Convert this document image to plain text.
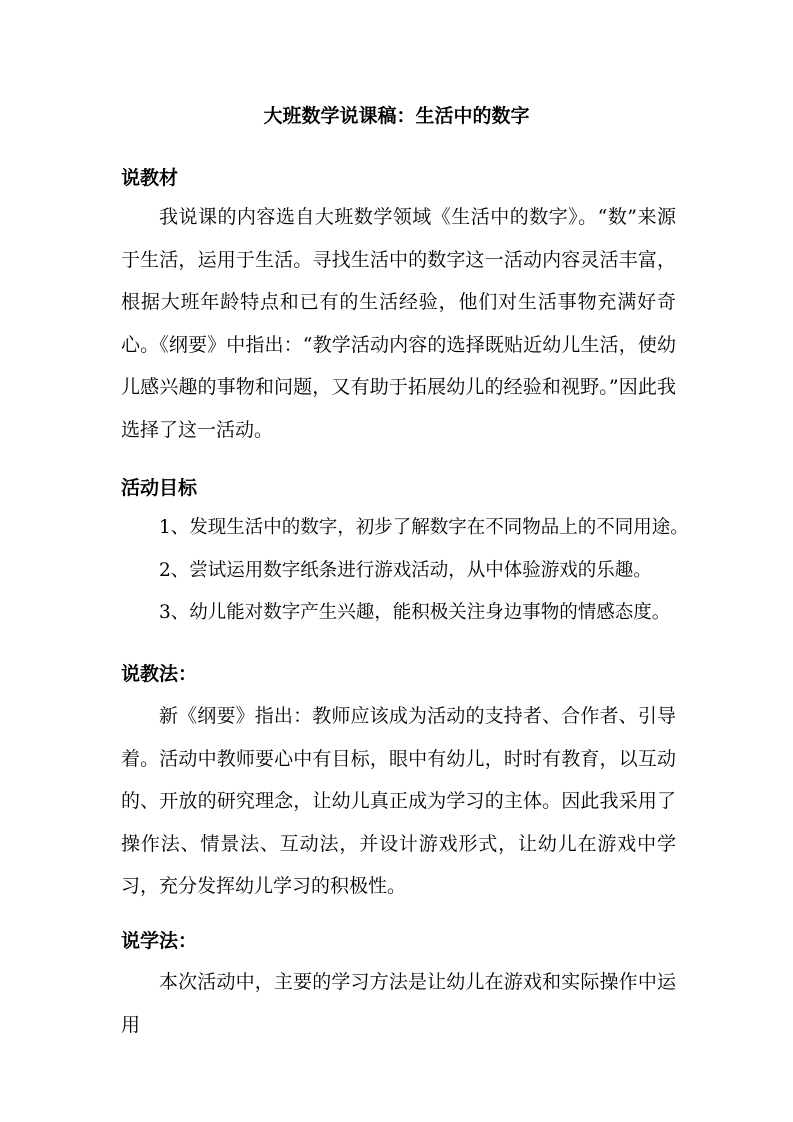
大班数学说课稿：生活中的数字
说教材

我说课的内容选自大班数学领域《生活中的数字》。“数”来源于生活，运用于生活。寻找生活中的数字这一活动内容灵活丰富，根据大班年龄特点和已有的生活经验，他们对生活事物充满好奇心。《纲要》中指出：“教学活动内容的选择既贴近幼儿生活，使幼儿感兴趣的事物和问题，又有助于拓展幼儿的经验和视野。”因此我选择了这一活动。

活动目标
1、发现生活中的数字，初步了解数字在不同物品上的不同用途。
2、尝试运用数字纸条进行游戏活动，从中体验游戏的乐趣。
3、幼儿能对数字产生兴趣，能积极关注身边事物的情感态度。
说教法：

新《纲要》指出：教师应该成为活动的支持者、合作者、引导着。活动中教师要心中有目标，眼中有幼儿，时时有教育，以互动的、开放的研究理念，让幼儿真正成为学习的主体。因此我采用了操作法、情景法、互动法，并设计游戏形式，让幼儿在游戏中学习，充分发挥幼儿学习的积极性。

说学法：

本次活动中，主要的学习方法是让幼儿在游戏和实际操作中运用
